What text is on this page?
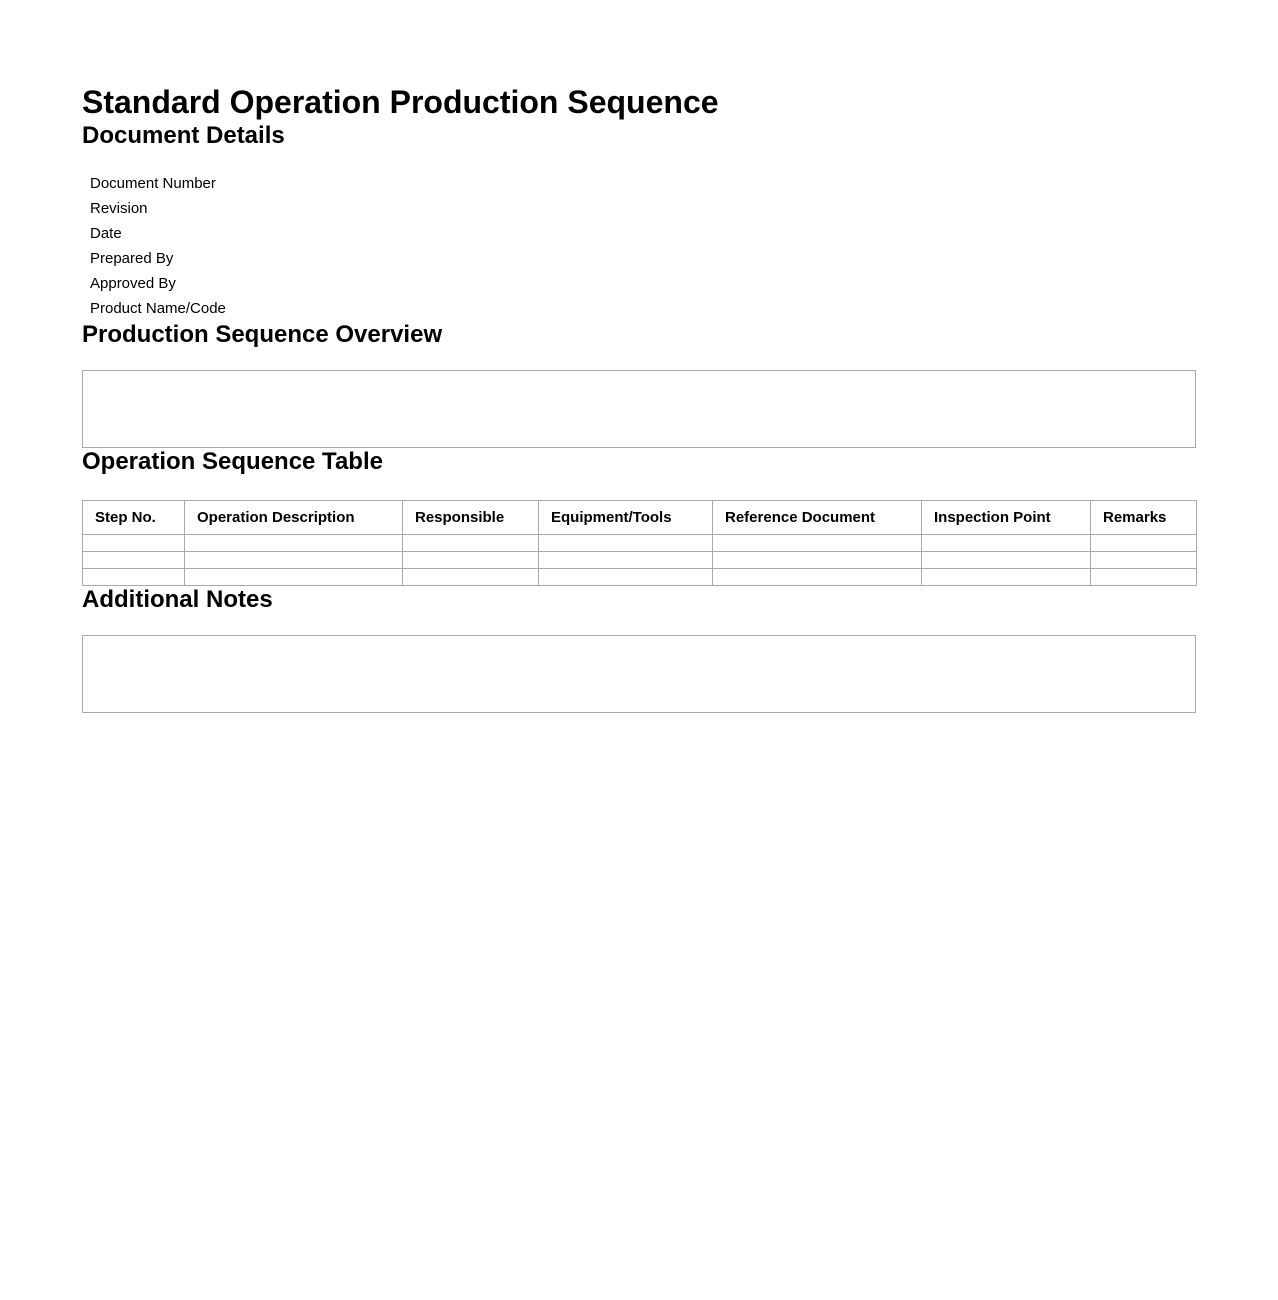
Standard Operation Production Sequence
Document Details
Document Number	
Revision	
Date	
Prepared By	
Approved By	
Product Name/Code	
Production Sequence Overview
Operation Sequence Table
Step No.	Operation Description	Responsible	Equipment/Tools	Reference Document	Inspection Point	Remarks

Additional Notes
